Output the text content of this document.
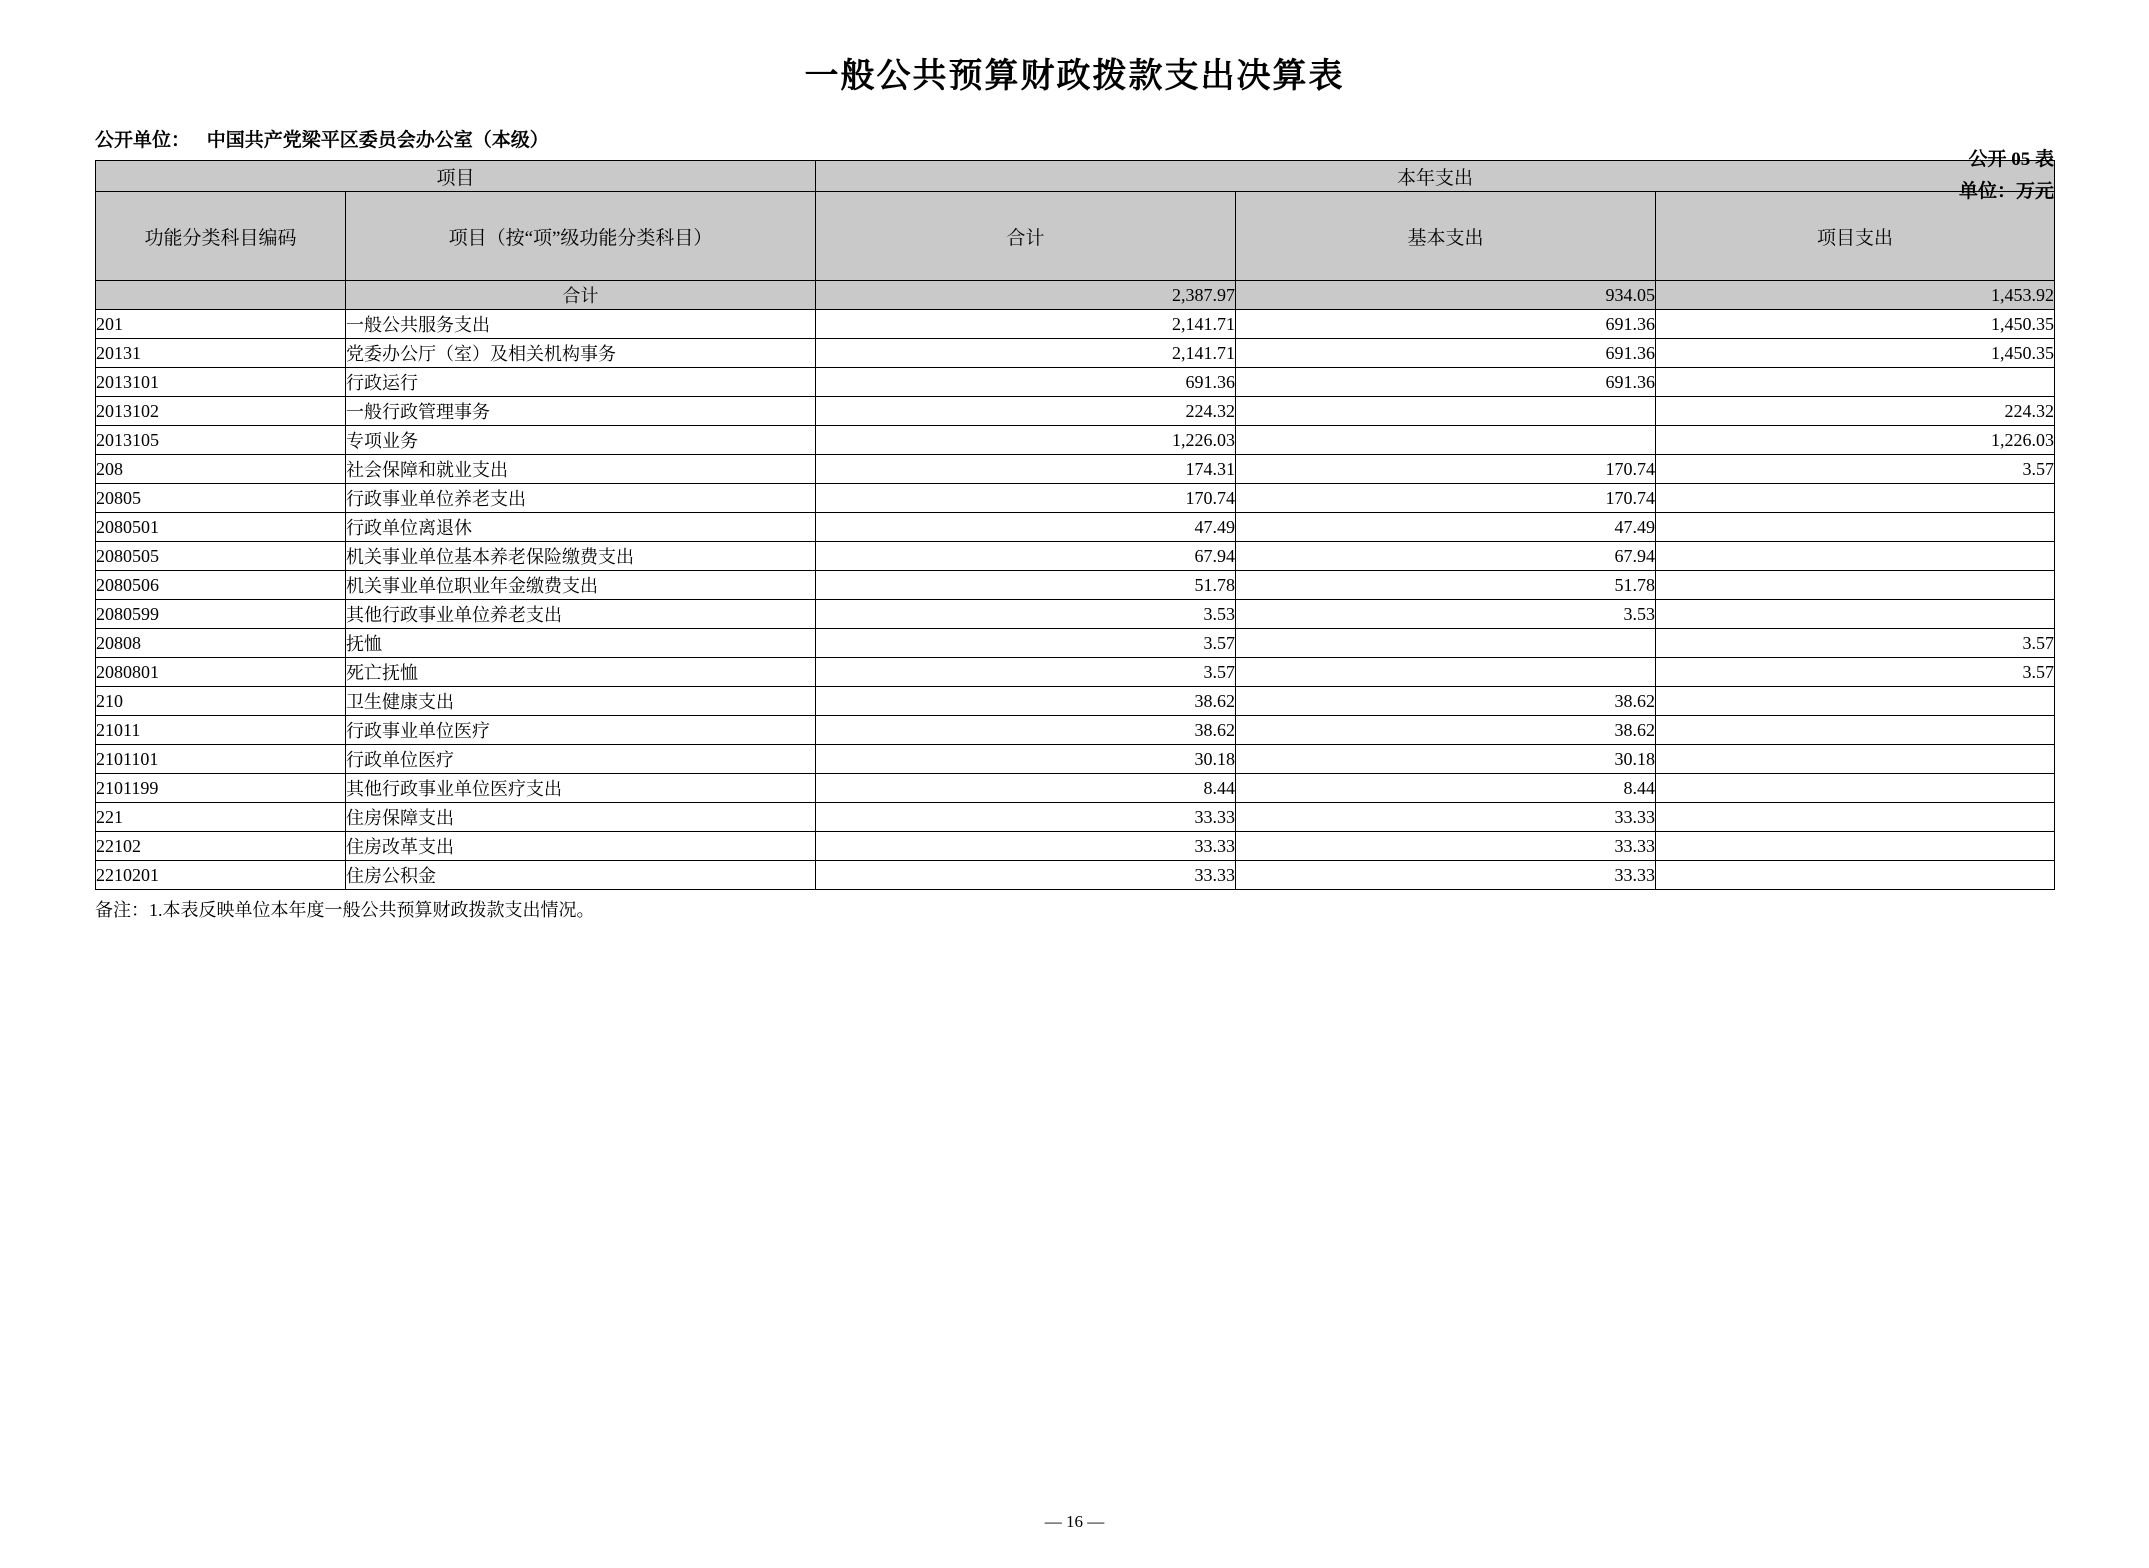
一般公共预算财政拨款支出决算表
公开 05 表
单位：万元
公开单位： 中国共产党梁平区委员会办公室（本级）
项目		本年支出		
功能分类科目编码	项目（按“项”级功能分类科目）	合计	基本支出	项目支出
	合计	2,387.97	934.05	1,453.92
201	一般公共服务支出	2,141.71	691.36	1,450.35
20131	党委办公厅（室）及相关机构事务	2,141.71	691.36	1,450.35
2013101	行政运行	691.36	691.36	
2013102	一般行政管理事务	224.32		224.32
2013105	专项业务	1,226.03		1,226.03
208	社会保障和就业支出	174.31	170.74	3.57
20805	行政事业单位养老支出	170.74	170.74	
2080501	行政单位离退休	47.49	47.49	
2080505	机关事业单位基本养老保险缴费支出	67.94	67.94	
2080506	机关事业单位职业年金缴费支出	51.78	51.78	
2080599	其他行政事业单位养老支出	3.53	3.53	
20808	抚恤	3.57		3.57
2080801	死亡抚恤	3.57		3.57
210	卫生健康支出	38.62	38.62	
21011	行政事业单位医疗	38.62	38.62	
2101101	行政单位医疗	30.18	30.18	
2101199	其他行政事业单位医疗支出	8.44	8.44	
221	住房保障支出	33.33	33.33	
22102	住房改革支出	33.33	33.33	
2210201	住房公积金	33.33	33.33	
备注：1.本表反映单位本年度一般公共预算财政拨款支出情况。
— 16 —
